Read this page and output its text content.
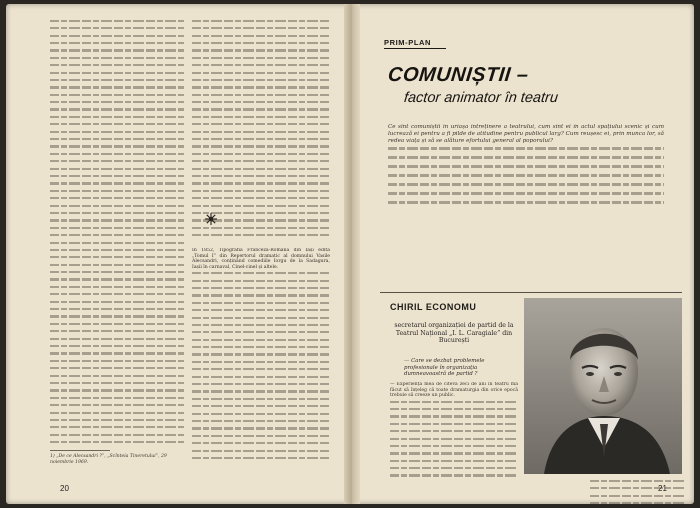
În 1852, Tipografia Franceză-Română din Iași edita „Tomul I” din Repertorul dramatic al domnului Vasile Alecsandri, conținând comediile Iorgu de la Sadagura, Iașii în carnaval, Cinel-cinel și altele.
1) „De ce Alecsandri ?”, „Scînteia Tineretului”, 29 noiembrie 1969.
20
PRIM-PLAN
COMUNIȘTII –
factor animator în teatru
Ce sînt comuniștii în uriașa întreținere a teatrului, cum sînt ei în actul spațiului scenic și cum lucrează ei pentru a fi pilde de atitudine pentru publicul larg? Cum reușesc ei, prin munca lor, să redea viața și să se alăture efortului general al poporului?
CHIRIL ECONOMU
secretarul organizației de partid de la Teatrul Național „I. L. Caragiale” din București
— Care se dezbat problemele profesionale în organizația dumneavoastră de partid ?
— Experiența mea de citeva zeci de ani în teatru mă făcut să înțeleg că toate dramaturgia din orice epocă trebuie să creeze un public.
21
